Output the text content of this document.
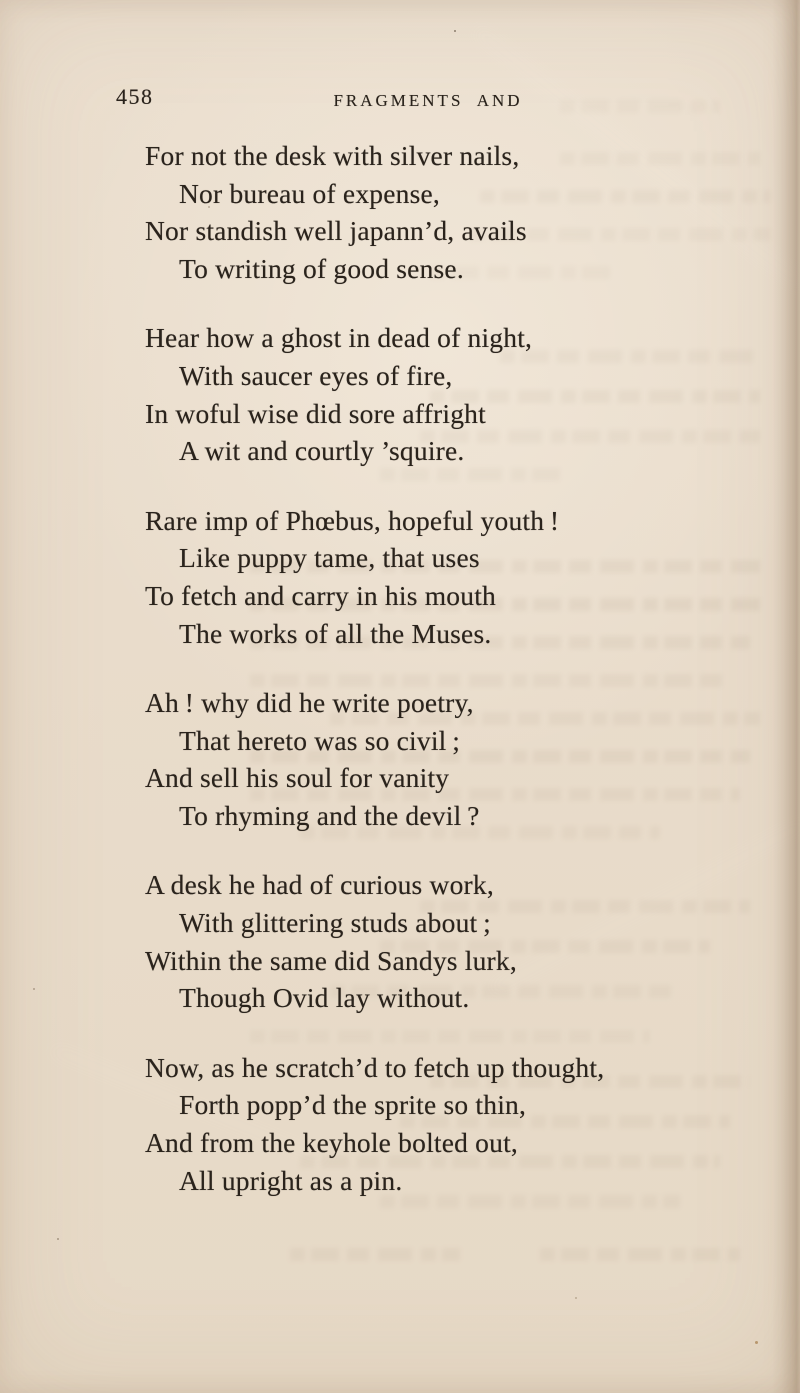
458	FRAGMENTS AND
For not the desk with silver nails,
Nor bureau of expense,
Nor standish well japann’d, avails
To writing of good sense.
Hear how a ghost in dead of night,
With saucer eyes of fire,
In woful wise did sore affright
A wit and courtly ’squire.
Rare imp of Phœbus, hopeful youth !
Like puppy tame, that uses
To fetch and carry in his mouth
The works of all the Muses.
Ah ! why did he write poetry,
That hereto was so civil ;
And sell his soul for vanity
To rhyming and the devil ?
A desk he had of curious work,
With glittering studs about ;
Within the same did Sandys lurk,
Though Ovid lay without.
Now, as he scratch’d to fetch up thought,
Forth popp’d the sprite so thin,
And from the keyhole bolted out,
All upright as a pin.
